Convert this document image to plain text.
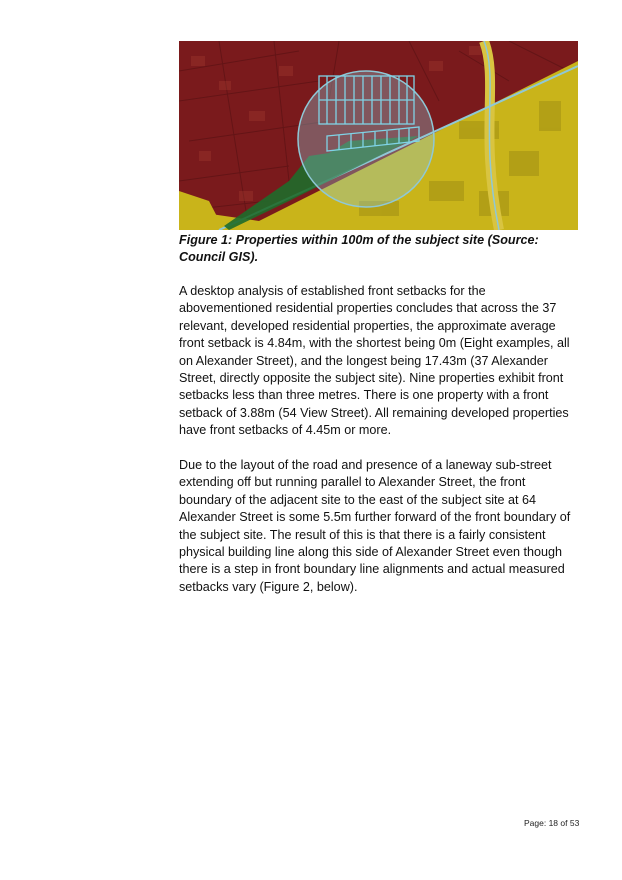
Figure 1: Properties within 100m of the subject site (Source: Council GIS).

A desktop analysis of established front setbacks for the abovementioned residential properties concludes that across the 37 relevant, developed residential properties, the approximate average front setback is 4.84m, with the shortest being 0m (Eight examples, all on Alexander Street), and the longest being 17.43m (37 Alexander Street, directly opposite the subject site). Nine properties exhibit front setbacks less than three metres. There is one property with a front setback of 3.88m (54 View Street). All remaining developed properties have front setbacks of 4.45m or more.

Due to the layout of the road and presence of a laneway sub-street extending off but running parallel to Alexander Street, the front boundary of the adjacent site to the east of the subject site at 64 Alexander Street is some 5.5m further forward of the front boundary of the subject site. The result of this is that there is a fairly consistent physical building line along this side of Alexander Street even though there is a step in front boundary line alignments and actual measured setbacks vary (Figure 2, below).

Page: 18 of 53
